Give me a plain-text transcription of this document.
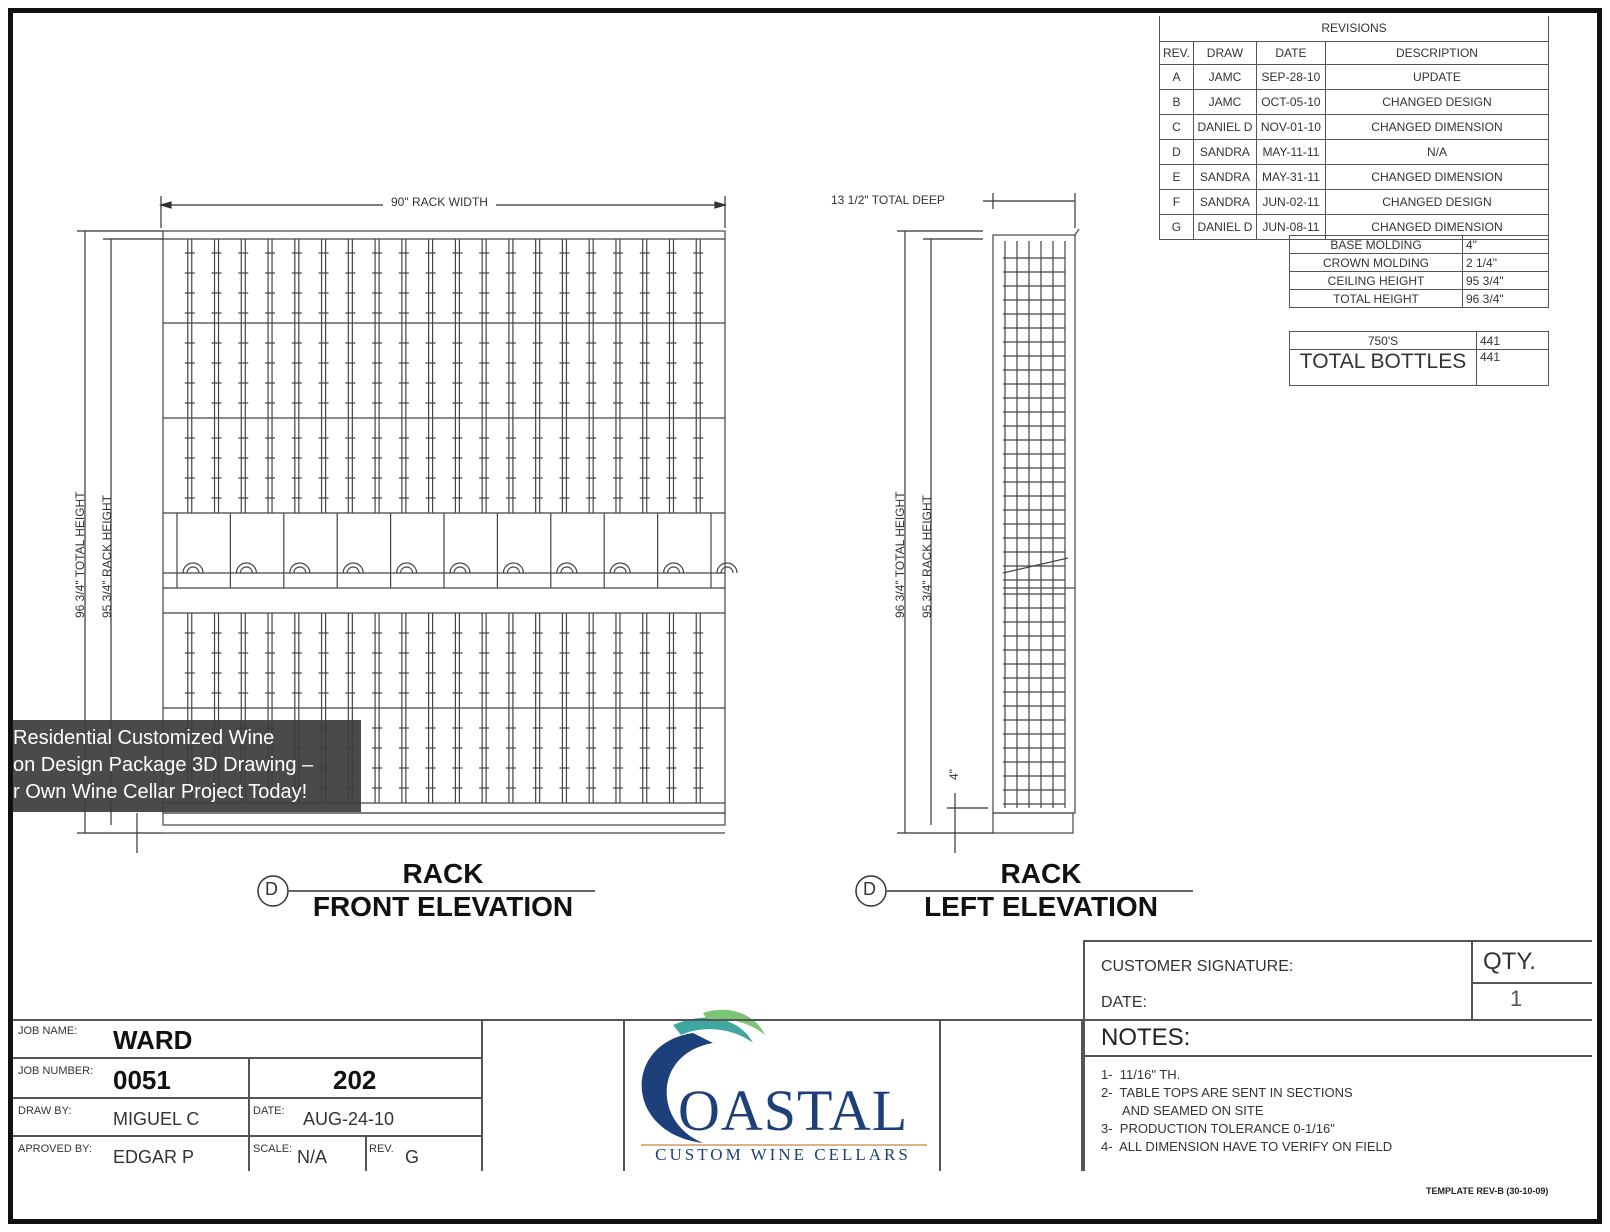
96 3/4" TOTAL HEIGHT 95 3/4" RACK HEIGHT	96 3/4" TOTAL HEIGHT 95 3/4" RACK HEIGHT
4"
90" RACK WIDTH	13 1/2" TOTAL DEEP
D	RACK
FRONT ELEVATION
D	RACK
LEFT ELEVATION
REVISIONS			
REV.	DRAW	DATE	DESCRIPTION
A	JAMC	SEP-28-10	UPDATE
B	JAMC	OCT-05-10	CHANGED DESIGN
C	DANIEL D	NOV-01-10	CHANGED DIMENSION
D	SANDRA	MAY-11-11	N/A
E	SANDRA	MAY-31-11	CHANGED DIMENSION
F	SANDRA	JUN-02-11	CHANGED DESIGN
G	DANIEL D	JUN-08-11	CHANGED DIMENSION
BASE MOLDING	4"
CROWN MOLDING	2 1/4"
CEILING HEIGHT	95 3/4"
TOTAL HEIGHT	96 3/4"
750'S	441
TOTAL BOTTLES	441
Residential Customized Wine
on Design Package 3D Drawing –
r Own Wine Cellar Project Today!
JOB NAME: WARD
JOB NUMBER: 0051	202
DRAW BY: MIGUEL C	DATE: AUG-24-10
APROVED BY: EDGAR P	SCALE: N/A	REV. G
OASTAL
CUSTOM WINE CELLARS
CUSTOMER SIGNATURE:
DATE:
QTY.
1
NOTES:
1-  11/16" TH.
2-  TABLE TOPS ARE SENT IN SECTIONS
AND SEAMED ON SITE
3-  PRODUCTION TOLERANCE 0-1/16"
4-  ALL DIMENSION HAVE TO VERIFY ON FIELD
TEMPLATE REV-B (30-10-09)
